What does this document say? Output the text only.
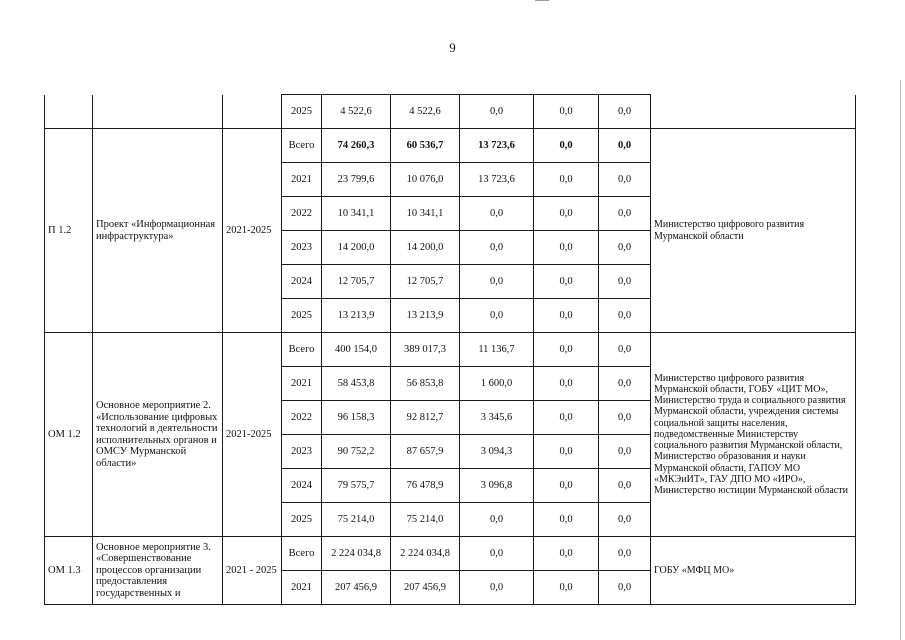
9
			2025	4 522,6	4 522,6	0,0	0,0	0,0	
П 1.2	Проект «Информационная инфраструктура»	2021-2025	Всего	74 260,3	60 536,7	13 723,6	0,0	0,0	Министерство цифрового развития Мурманской области
			2021	23 799,6	10 076,0	13 723,6	0,0	0,0	
			2022	10 341,1	10 341,1	0,0	0,0	0,0	
			2023	14 200,0	14 200,0	0,0	0,0	0,0	
			2024	12 705,7	12 705,7	0,0	0,0	0,0	
			2025	13 213,9	13 213,9	0,0	0,0	0,0	
ОМ 1.2	Основное мероприятие 2. «Использование цифровых технологий в деятельности исполнительных органов и ОМСУ Мурманской области»	2021-2025	Всего	400 154,0	389 017,3	11 136,7	0,0	0,0	Министерство цифрового развития Мурманской области, ГОБУ «ЦИТ МО», Министерство труда и социального развития Мурманской области, учреждения системы социальной защиты населения, подведомственные Министерству социального развития Мурманской области, Министерство образования и науки Мурманской области, ГАПОУ МО «МКЭиИТ», ГАУ ДПО МО «ИРО», Министерство юстиции Мурманской области
			2021	58 453,8	56 853,8	1 600,0	0,0	0,0	
			2022	96 158,3	92 812,7	3 345,6	0,0	0,0	
			2023	90 752,2	87 657,9	3 094,3	0,0	0,0	
			2024	79 575,7	76 478,9	3 096,8	0,0	0,0	
			2025	75 214,0	75 214,0	0,0	0,0	0,0	
ОМ 1.3	Основное мероприятие 3. «Совершенствование процессов организации предоставления государственных и	2021 - 2025	Всего	2 224 034,8	2 224 034,8	0,0	0,0	0,0	ГОБУ «МФЦ МО»
			2021	207 456,9	207 456,9	0,0	0,0	0,0	
